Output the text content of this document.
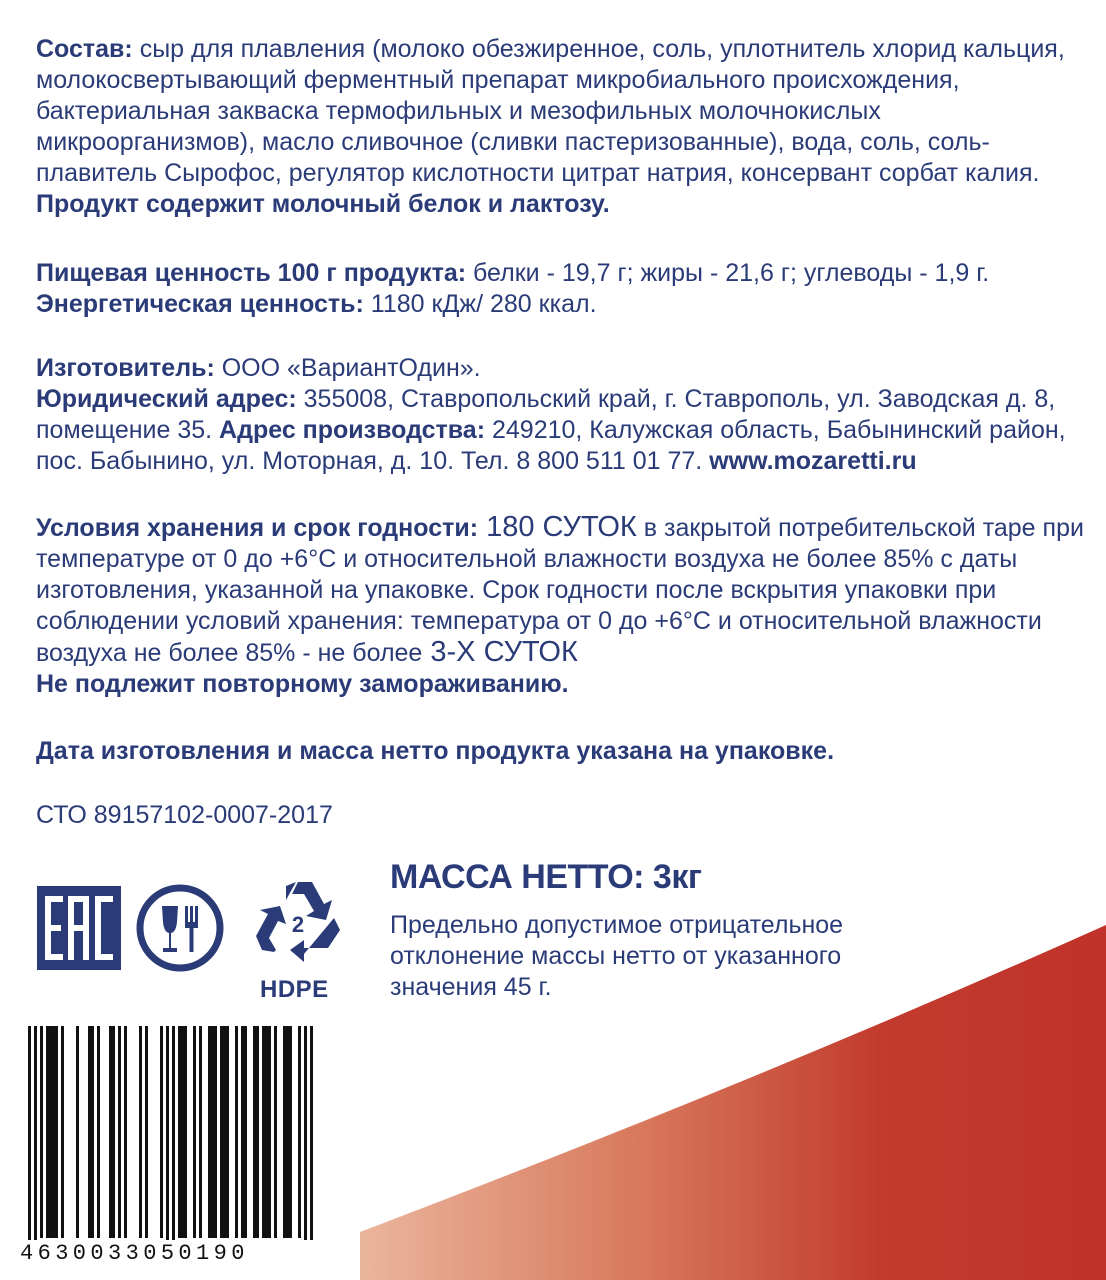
Состав: сыр для плавления (молоко обезжиренное, соль, уплотнитель хлорид кальция, молокосвертывающий ферментный препарат микробиального происхождения, бактериальная закваска термофильных и мезофильных молочнокислых микроорганизмов), масло сливочное (сливки пастеризованные), вода, соль, соль-плавитель Сырофос, регулятор кислотности цитрат натрия, консервант сорбат калия. Продукт содержит молочный белок и лактозу.
Пищевая ценность 100 г продукта: белки - 19,7 г; жиры - 21,6 г; углеводы - 1,9 г.
Энергетическая ценность: 1180 кДж/ 280 ккал.
Изготовитель: ООО «ВариантОдин».
Юридический адрес: 355008, Ставропольский край, г. Ставрополь, ул. Заводская д. 8, помещение 35. Адрес производства: 249210, Калужская область, Бабынинский район, пос. Бабынино, ул. Моторная, д. 10. Тел. 8 800 511 01 77. www.mozaretti.ru
Условия хранения и срок годности: 180 СУТОК в закрытой потребительской таре при температуре от 0 до +6°С и относительной влажности воздуха не более 85% с даты изготовления, указанной на упаковке. Срок годности после вскрытия упаковки при соблюдении условий хранения: температура от 0 до +6°С и относительной влажности воздуха не более 85% - не более 3-Х СУТОК
Не подлежит повторному замораживанию.
Дата изготовления и масса нетто продукта указана на упаковке.
СТО 89157102-0007-2017
МАССА НЕТТО: 3кг
Предельно допустимое отрицательное отклонение массы нетто от указанного значения 45 г.
2
HDPE
4630033050190
